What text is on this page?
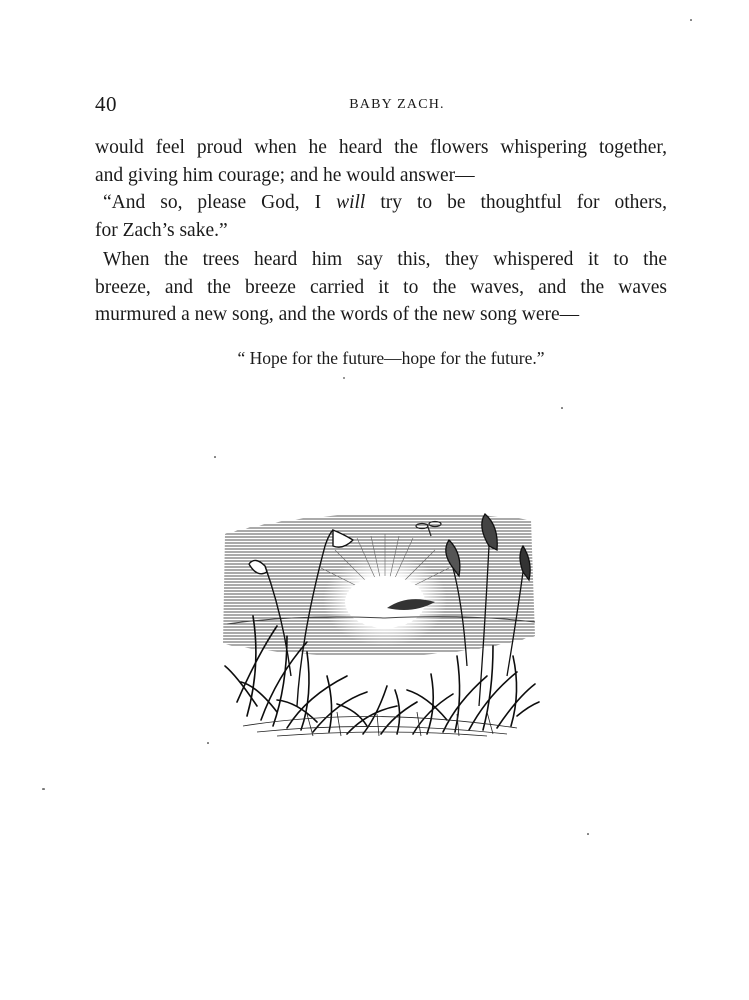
40	BABY ZACH.
would feel proud when he heard the flowers whispering together,
and giving him courage; and he would answer—
“And so, please God, I will try to be thoughtful for others,
for Zach’s sake.”
When the trees heard him say this, they whispered it to the
breeze, and the breeze carried it to the waves, and the waves
murmured a new song, and the words of the new song were—
“ Hope for the future—hope for the future.”
